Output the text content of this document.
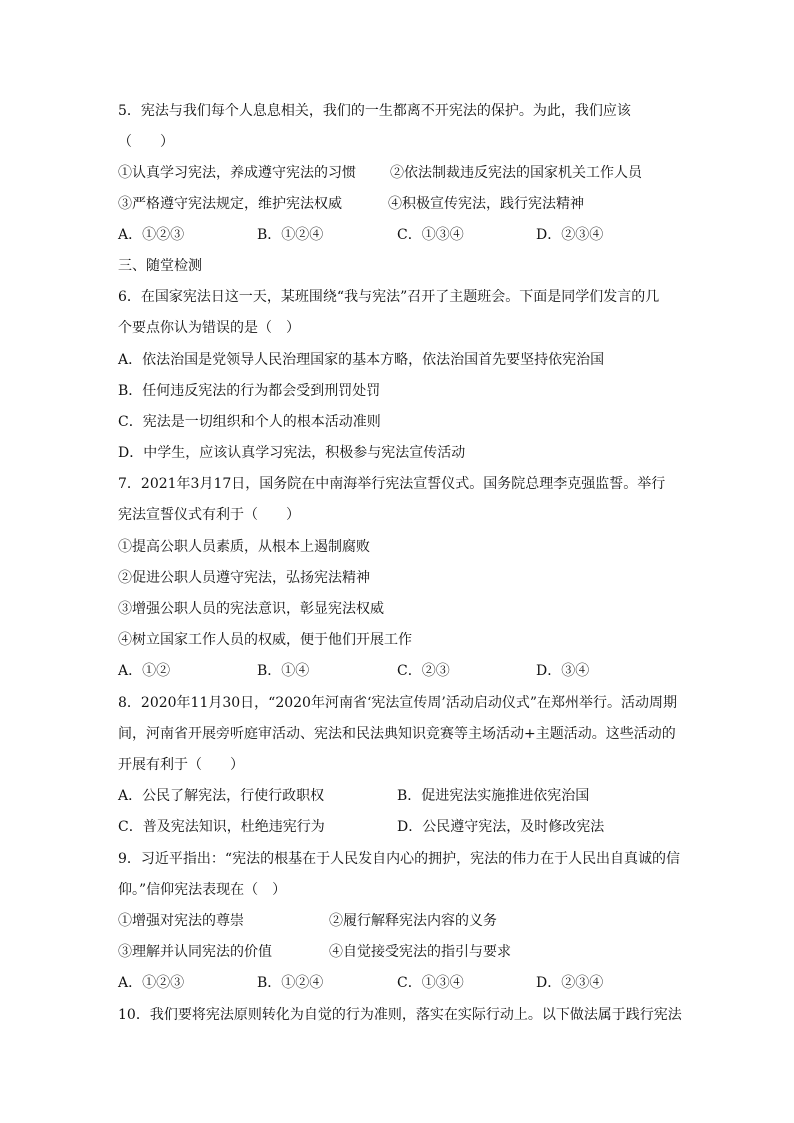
5．宪法与我们每个人息息相关，我们的一生都离不开宪法的保护。为此，我们应该
（　　）
①认真学习宪法，养成遵守宪法的习惯 ②依法制裁违反宪法的国家机关工作人员
③严格遵守宪法规定，维护宪法权威	④积极宣传宪法，践行宪法精神
A．①②③	B．①②④	C．①③④	D．②③④
三、随堂检测
6．在国家宪法日这一天，某班围绕“我与宪法”召开了主题班会。下面是同学们发言的几
个要点你认为错误的是（　）
A．依法治国是党领导人民治理国家的基本方略，依法治国首先要坚持依宪治国
B．任何违反宪法的行为都会受到刑罚处罚
C．宪法是一切组织和个人的根本活动准则
D．中学生，应该认真学习宪法，积极参与宪法宣传活动
7．2021年3月17日，国务院在中南海举行宪法宣誓仪式。国务院总理李克强监誓。举行
宪法宣誓仪式有利于（　　）
①提高公职人员素质，从根本上遏制腐败
②促进公职人员遵守宪法，弘扬宪法精神
③增强公职人员的宪法意识，彰显宪法权威
④树立国家工作人员的权威，便于他们开展工作
A．①②	B．①④	C．②③	D．③④
8．2020年11月30日，“2020年河南省‘宪法宣传周’活动启动仪式”在郑州举行。活动周期
间，河南省开展旁听庭审活动、宪法和民法典知识竞赛等主场活动+主题活动。这些活动的
开展有利于（　　）
A．公民了解宪法，行使行政职权	B．促进宪法实施推进依宪治国
C．普及宪法知识，杜绝违宪行为	D．公民遵守宪法，及时修改宪法
9．习近平指出：“宪法的根基在于人民发自内心的拥护，宪法的伟力在于人民出自真诚的信
仰。”信仰宪法表现在（　）
①增强对宪法的尊崇	②履行解释宪法内容的义务
③理解并认同宪法的价值	④自觉接受宪法的指引与要求
A．①②③	B．①②④	C．①③④	D．②③④
10．我们要将宪法原则转化为自觉的行为准则，落实在实际行动上。以下做法属于践行宪法
